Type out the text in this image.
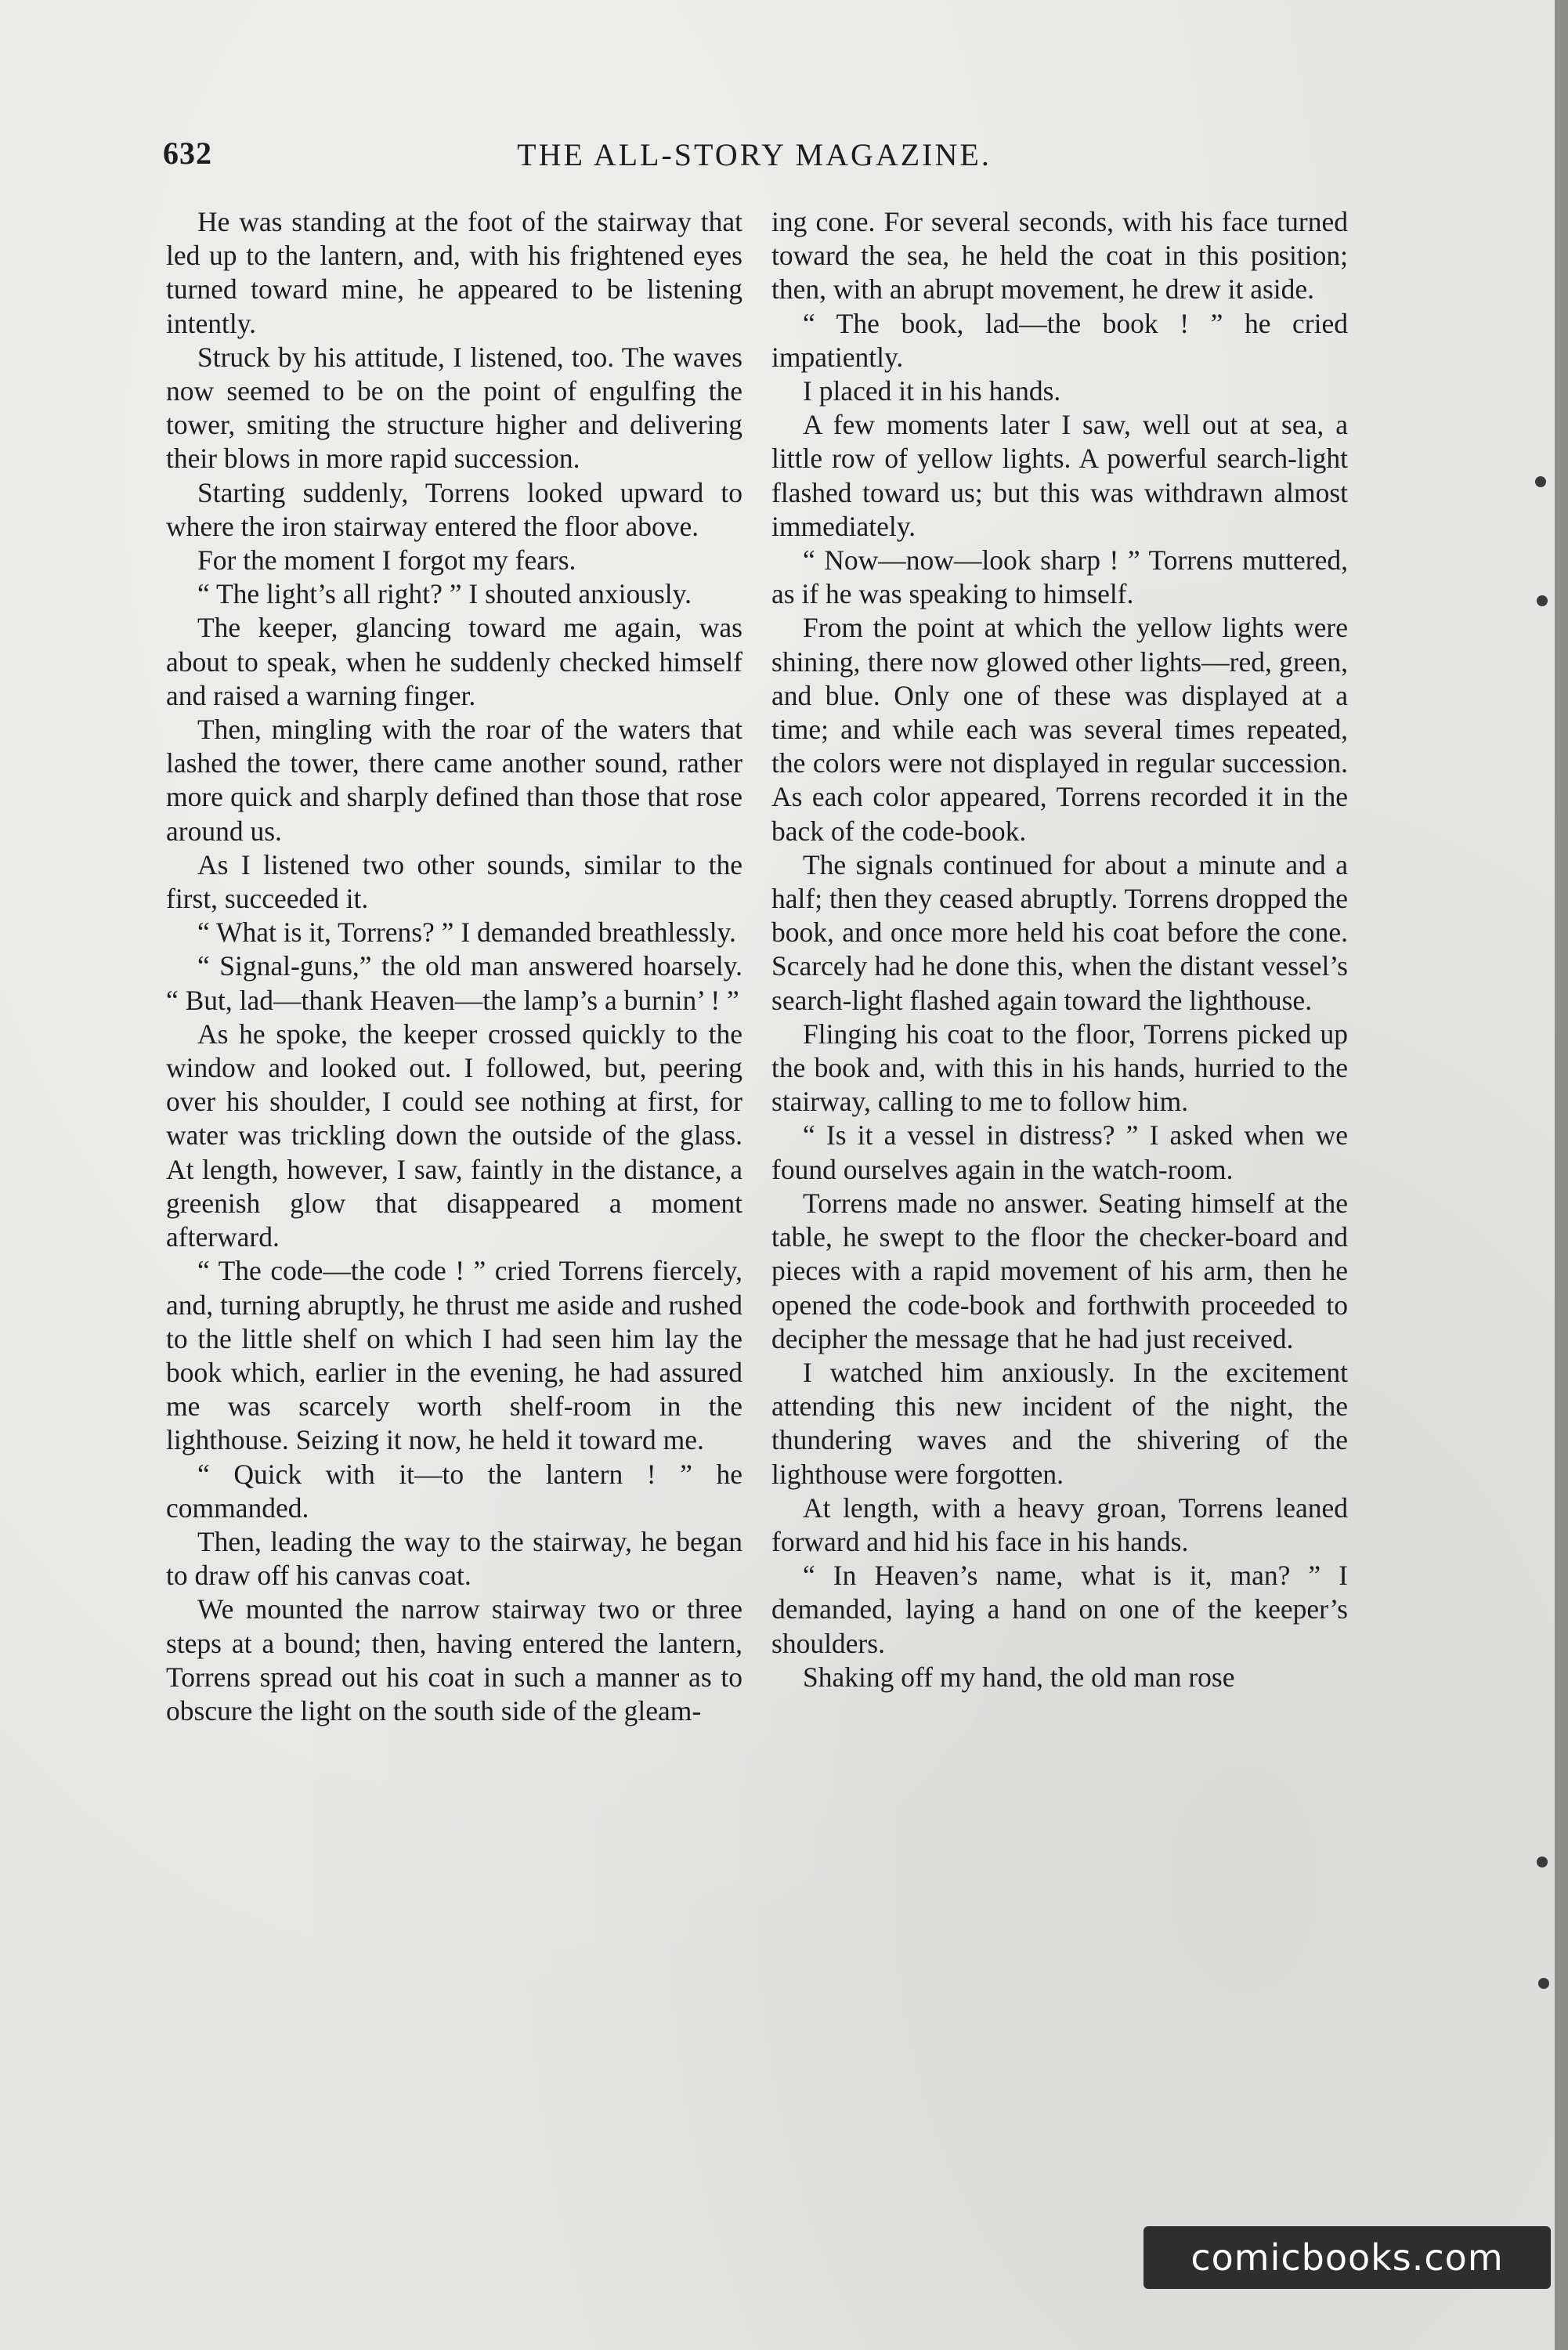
632	THE ALL-STORY MAGAZINE.

He was standing at the foot of the stairway that led up to the lantern, and, with his frightened eyes turned toward mine, he appeared to be listening intently.

Struck by his attitude, I listened, too. The waves now seemed to be on the point of engulfing the tower, smiting the structure higher and delivering their blows in more rapid succession.

Starting suddenly, Torrens looked upward to where the iron stairway entered the floor above.

For the moment I forgot my fears.

“ The light’s all right? ” I shouted anxiously.

The keeper, glancing toward me again, was about to speak, when he suddenly checked himself and raised a warning finger.

Then, mingling with the roar of the waters that lashed the tower, there came another sound, rather more quick and sharply defined than those that rose around us.

As I listened two other sounds, similar to the first, succeeded it.

“ What is it, Torrens? ” I demanded breathlessly.

“ Signal-guns,” the old man answered hoarsely. “ But, lad—thank Heaven—the lamp’s a burnin’ ! ”

As he spoke, the keeper crossed quickly to the window and looked out. I followed, but, peering over his shoulder, I could see nothing at first, for water was trickling down the outside of the glass. At length, however, I saw, faintly in the distance, a greenish glow that disappeared a moment afterward.

“ The code—the code ! ” cried Torrens fiercely, and, turning abruptly, he thrust me aside and rushed to the little shelf on which I had seen him lay the book which, earlier in the evening, he had assured me was scarcely worth shelf-room in the lighthouse. Seizing it now, he held it toward me.

“ Quick with it—to the lantern ! ” he commanded.

Then, leading the way to the stairway, he began to draw off his canvas coat.

We mounted the narrow stairway two or three steps at a bound; then, having entered the lantern, Torrens spread out his coat in such a manner as to obscure the light on the south side of the gleam-

ing cone. For several seconds, with his face turned toward the sea, he held the coat in this position; then, with an abrupt movement, he drew it aside.

“ The book, lad—the book ! ” he cried impatiently.

I placed it in his hands.

A few moments later I saw, well out at sea, a little row of yellow lights. A powerful search-light flashed toward us; but this was withdrawn almost immediately.

“ Now—now—look sharp ! ” Torrens muttered, as if he was speaking to himself.

From the point at which the yellow lights were shining, there now glowed other lights—red, green, and blue. Only one of these was displayed at a time; and while each was several times repeated, the colors were not displayed in regular succession. As each color appeared, Torrens recorded it in the back of the code-book.

The signals continued for about a minute and a half; then they ceased abruptly. Torrens dropped the book, and once more held his coat before the cone. Scarcely had he done this, when the distant vessel’s search-light flashed again toward the lighthouse.

Flinging his coat to the floor, Torrens picked up the book and, with this in his hands, hurried to the stairway, calling to me to follow him.

“ Is it a vessel in distress? ” I asked when we found ourselves again in the watch-room.

Torrens made no answer. Seating himself at the table, he swept to the floor the checker-board and pieces with a rapid movement of his arm, then he opened the code-book and forthwith proceeded to decipher the message that he had just received.

I watched him anxiously. In the excitement attending this new incident of the night, the thundering waves and the shivering of the lighthouse were forgotten.

At length, with a heavy groan, Torrens leaned forward and hid his face in his hands.

“ In Heaven’s name, what is it, man? ” I demanded, laying a hand on one of the keeper’s shoulders.

Shaking off my hand, the old man rose

comicbooks.com
